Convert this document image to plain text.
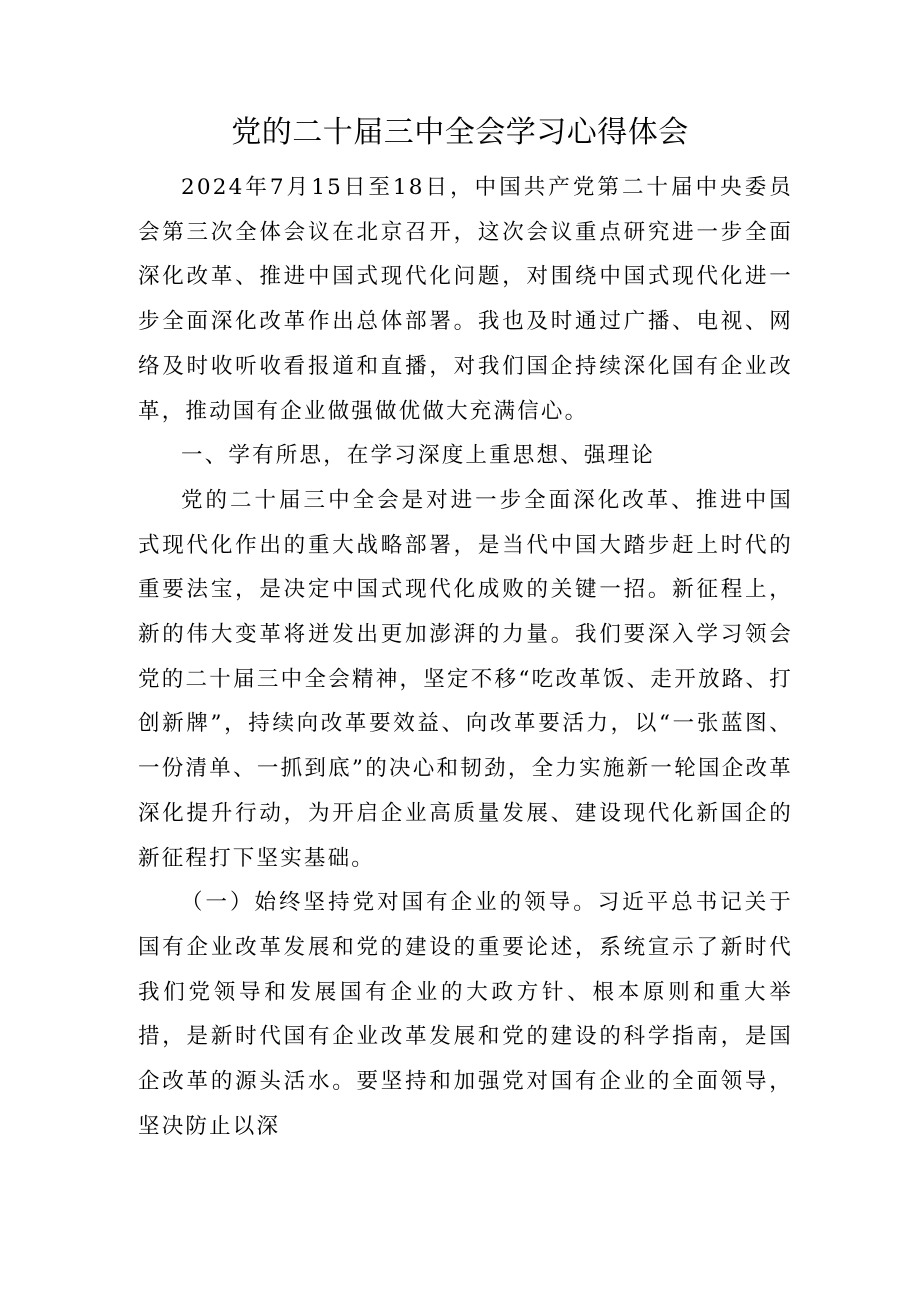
党的二十届三中全会学习心得体会

2024年7月15日至18日，中国共产党第二十届中央委员会第三次全体会议在北京召开，这次会议重点研究进一步全面深化改革、推进中国式现代化问题，对围绕中国式现代化进一步全面深化改革作出总体部署。我也及时通过广播、电视、网络及时收听收看报道和直播，对我们国企持续深化国有企业改革，推动国有企业做强做优做大充满信心。

一、学有所思，在学习深度上重思想、强理论

党的二十届三中全会是对进一步全面深化改革、推进中国式现代化作出的重大战略部署，是当代中国大踏步赶上时代的重要法宝，是决定中国式现代化成败的关键一招。新征程上，新的伟大变革将迸发出更加澎湃的力量。我们要深入学习领会党的二十届三中全会精神，坚定不移“吃改革饭、走开放路、打创新牌”，持续向改革要效益、向改革要活力，以“一张蓝图、一份清单、一抓到底”的决心和韧劲，全力实施新一轮国企改革深化提升行动，为开启企业高质量发展、建设现代化新国企的新征程打下坚实基础。

（一）始终坚持党对国有企业的领导。习近平总书记关于国有企业改革发展和党的建设的重要论述，系统宣示了新时代我们党领导和发展国有企业的大政方针、根本原则和重大举措，是新时代国有企业改革发展和党的建设的科学指南，是国企改革的源头活水。要坚持和加强党对国有企业的全面领导，坚决防止以深
